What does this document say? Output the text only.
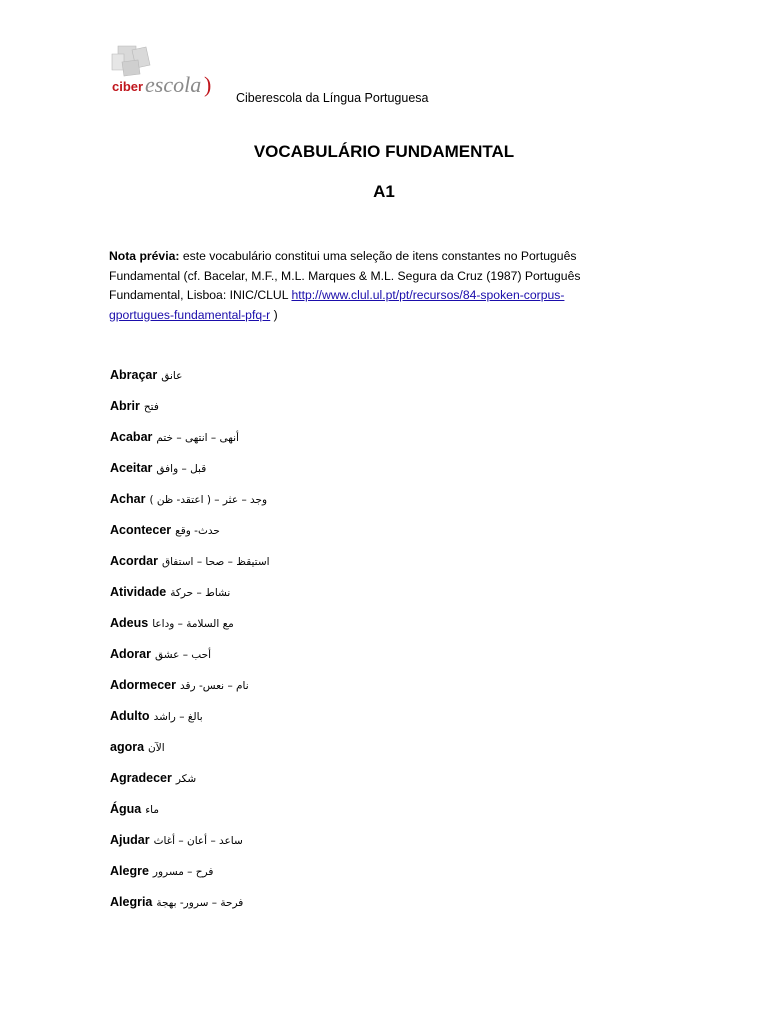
ciber escola )
Ciberescola da Língua Portuguesa
VOCABULÁRIO FUNDAMENTAL
A1
Nota prévia: este vocabulário constitui uma seleção de itens constantes no Português Fundamental (cf. Bacelar, M.F., M.L. Marques & M.L. Segura da Cruz (1987) Português Fundamental, Lisboa: INIC/CLUL http://www.clul.ul.pt/pt/recursos/84-spoken-corpus-gportugues-fundamental-pfq-r )
Abraçar عانق
Abrir فتح
Acabar أنهى – انتهى – ختم
Aceitar قبل – وافق
Achar وجد – عثر – ( اعتقد- ظن )
Acontecer حدث- وقع
Acordar استيقظ – صحا – استفاق
Atividade نشاط – حركة
Adeus مع السلامة – وداعا
Adorar أحب – عشق
Adormecer نام – نعس- رقد
Adulto بالغ – راشد
agora الآن
Agradecer شكر
Água ماء
Ajudar ساعد – أعان – أغاث
Alegre فرح – مسرور
Alegria فرحة – سرور- بهجة
